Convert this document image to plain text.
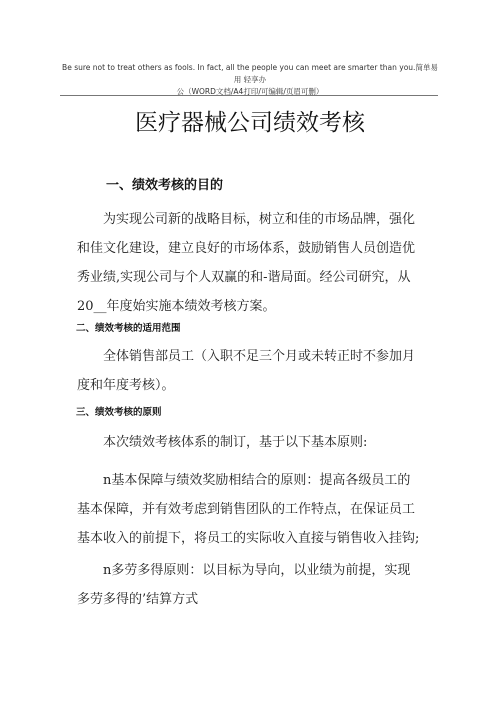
Be sure not to treat others as fools. In fact, all the people you can meet are smarter than you.简单易用 轻享办
公（WORD文档/A4打印/可编辑/页眉可删）
医疗器械公司绩效考核
一、绩效考核的目的

为实现公司新的战略目标，树立和佳的市场品牌，强化和佳文化建设，建立良好的市场体系，鼓励销售人员创造优秀业绩,实现公司与个人双赢的和-谐局面。经公司研究，从20__年度始实施本绩效考核方案。

二、绩效考核的适用范围

全体销售部员工（入职不足三个月或未转正时不参加月度和年度考核）。

三、绩效考核的原则

本次绩效考核体系的制订，基于以下基本原则:

n基本保障与绩效奖励相结合的原则：提高各级员工的基本保障，并有效考虑到销售团队的工作特点，在保证员工基本收入的前提下，将员工的实际收入直接与销售收入挂钩;

n多劳多得原则：以目标为导向，以业绩为前提，实现多劳多得的’结算方式
